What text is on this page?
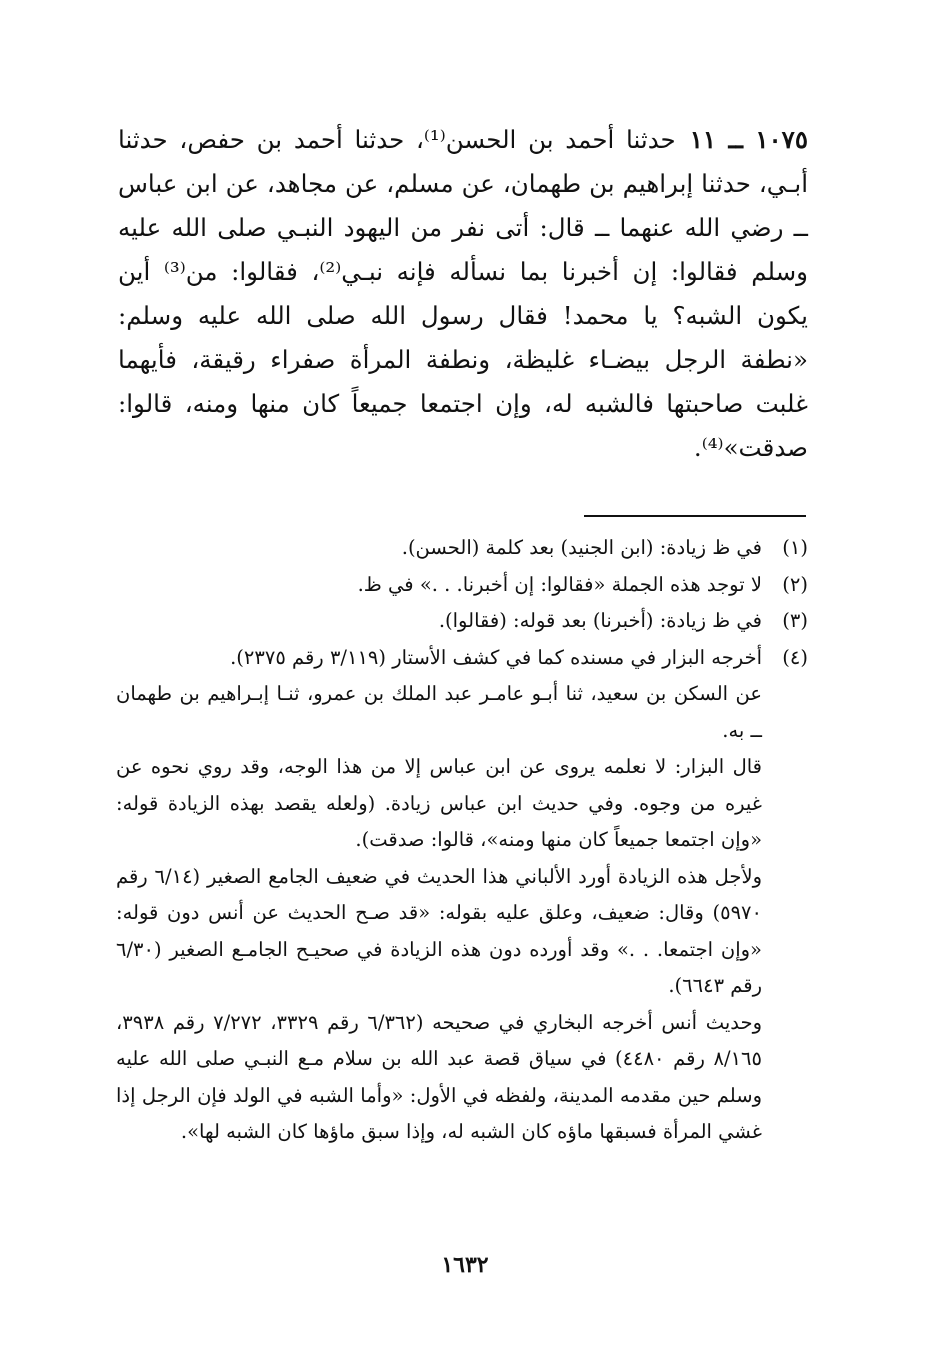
١٠٧٥ ــ ١١حدثنا أحمد بن الحسن⁽¹⁾، حدثنا أحمد بن حفص، حدثنا أبـي، حدثنا إبراهيم بن طهمان، عن مسلم، عن مجاهد، عن ابن عباس ــ رضي الله عنهما ــ قال: أتى نفر من اليهود النبـي صلى الله عليه وسلم فقالوا: إن أخبرنا بما نسأله فإنه نبـي⁽²⁾، فقالوا: من⁽³⁾ أين يكون الشبه؟ يا محمد! فقال رسول الله صلى الله عليه وسلم: «نطفة الرجل بيضـاء غليظة، ونطفة المرأة صفراء رقيقة، فأيهما غلبت صاحبتها فالشبه له، وإن اجتمعا جميعاً كان منها ومنه، قالوا: صدقت»⁽⁴⁾.
(١)
في ظ زيادة: (ابن الجنيد) بعد كلمة (الحسن).
(٢)
لا توجد هذه الجملة «فقالوا: إن أخبرنا. . .» في ظ.
(٣)
في ظ زيادة: (أخبرنا) بعد قوله: (فقالوا).
(٤)
أخرجه البزار في مسنده كما في كشف الأستار (٣/١١٩ رقم ٢٣٧٥).
عن السكن بن سعيد، ثنا أبـو عامـر عبد الملك بن عمرو، ثنـا إبـراهيم بن طهمان ــ به.
قال البزار: لا نعلمه يروى عن ابن عباس إلا من هذا الوجه، وقد روي نحوه عن غيره من وجوه. وفي حديث ابن عباس زيادة. (ولعله يقصد بهذه الزيادة قوله: «وإن اجتمعا جميعاً كان منها ومنه»، قالوا: صدقت).
ولأجل هذه الزيادة أورد الألباني هذا الحديث في ضعيف الجامع الصغير (٦/١٤ رقم ٥٩٧٠) وقال: ضعيف، وعلق عليه بقوله: «قد صـح الحديث عن أنس دون قوله: «وإن اجتمعا. . .» وقد أورده دون هذه الزيادة في صحيـح الجامـع الصغير (٦/٣٠ رقم ٦٦٤٣).
وحديث أنس أخرجه البخاري في صحيحه (٦/٣٦٢ رقم ٣٣٢٩، ٧/٢٧٢ رقم ٣٩٣٨، ٨/١٦٥ رقم ٤٤٨٠) في سياق قصة عبد الله بن سلام مـع النبـي صلى الله عليه وسلم حين مقدمه المدينة، ولفظه في الأول: «وأما الشبه في الولد فإن الرجل إذا غشي المرأة فسبقها ماؤه كان الشبه له، وإذا سبق ماؤها كان الشبه لها».
١٦٣٢
